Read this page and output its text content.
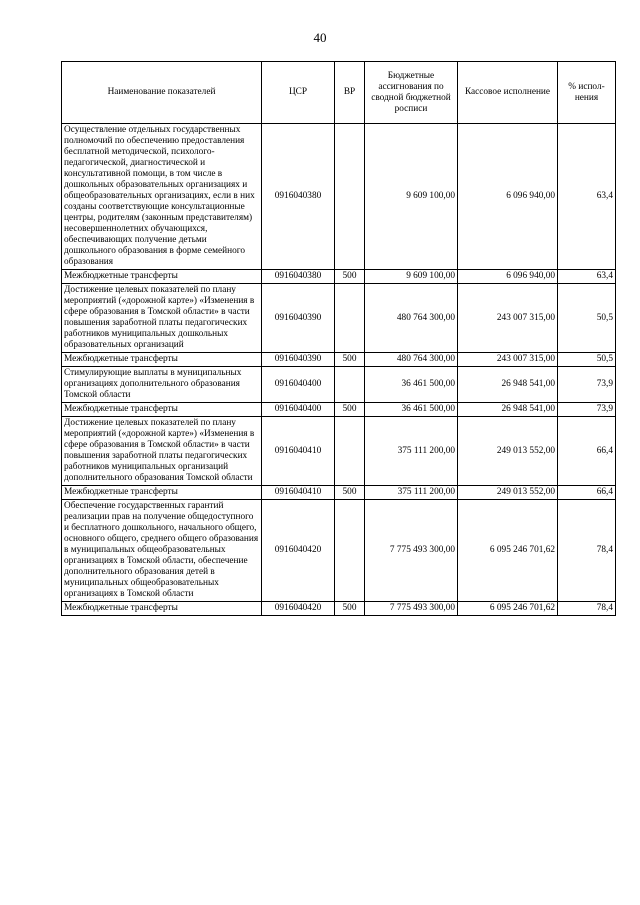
40
Наименование показателей	ЦСР	ВР	Бюджетные ассигнования по сводной бюджетной росписи	Кассовое исполнение	% испол-нения
Осуществление отдельных государственных полномочий по обеспечению предоставления бесплатной методической, психолого-педагогической, диагностической и консультативной помощи, в том числе в дошкольных образовательных организациях и общеобразовательных организациях, если в них созданы соответствующие консультационные центры, родителям (законным представителям) несовершеннолетних обучающихся, обеспечивающих получение детьми дошкольного образования в форме семейного образования	0916040380		9 609 100,00	6 096 940,00	63,4
Межбюджетные трансферты	0916040380	500	9 609 100,00	6 096 940,00	63,4
Достижение целевых показателей по плану мероприятий («дорожной карте») «Изменения в сфере образования в Томской области» в части повышения заработной платы педагогических работников муниципальных дошкольных образовательных организаций	0916040390		480 764 300,00	243 007 315,00	50,5
Межбюджетные трансферты	0916040390	500	480 764 300,00	243 007 315,00	50,5
Стимулирующие выплаты в муниципальных организациях дополнительного образования Томской области	0916040400		36 461 500,00	26 948 541,00	73,9
Межбюджетные трансферты	0916040400	500	36 461 500,00	26 948 541,00	73,9
Достижение целевых показателей по плану мероприятий («дорожной карте») «Изменения в сфере образования в Томской области» в части повышения заработной платы педагогических работников муниципальных организаций дополнительного образования Томской области	0916040410		375 111 200,00	249 013 552,00	66,4
Межбюджетные трансферты	0916040410	500	375 111 200,00	249 013 552,00	66,4
Обеспечение государственных гарантий реализации прав на получение общедоступного и бесплатного дошкольного, начального общего, основного общего, среднего общего образования в муниципальных общеобразовательных организациях в Томской области, обеспечение дополнительного образования детей в муниципальных общеобразовательных организациях в Томской области	0916040420		7 775 493 300,00	6 095 246 701,62	78,4
Межбюджетные трансферты	0916040420	500	7 775 493 300,00	6 095 246 701,62	78,4
